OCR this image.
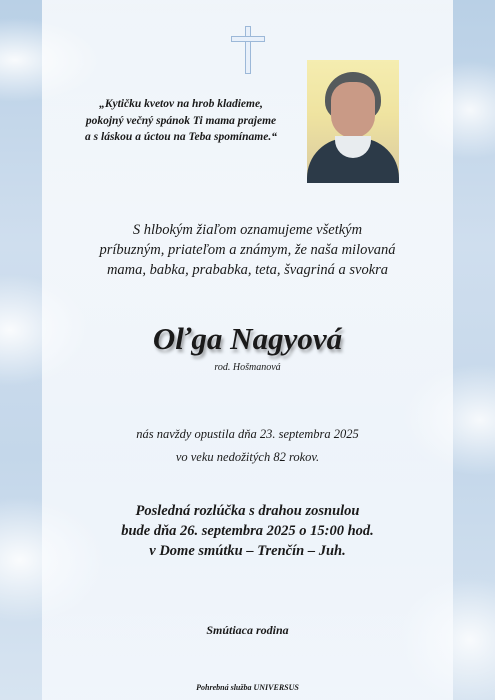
„Kytičku kvetov na hrob kladieme,
pokojný večný spánok Ti mama prajeme
a s láskou a úctou na Teba spomíname.“
S hlbokým žiaľom oznamujeme všetkým
príbuzným, priateľom a známym, že naša milovaná
mama, babka, prababka, teta, švagriná a svokra
Oľga Nagyová
rod. Hošmanová
nás navždy opustila dňa 23. septembra 2025
vo veku nedožitých 82 rokov.
Posledná rozlúčka s drahou zosnulou
bude dňa 26. septembra 2025 o 15:00 hod.
v Dome smútku – Trenčín – Juh.
Smútiaca rodina
Pohrebná služba UNIVERSUS
